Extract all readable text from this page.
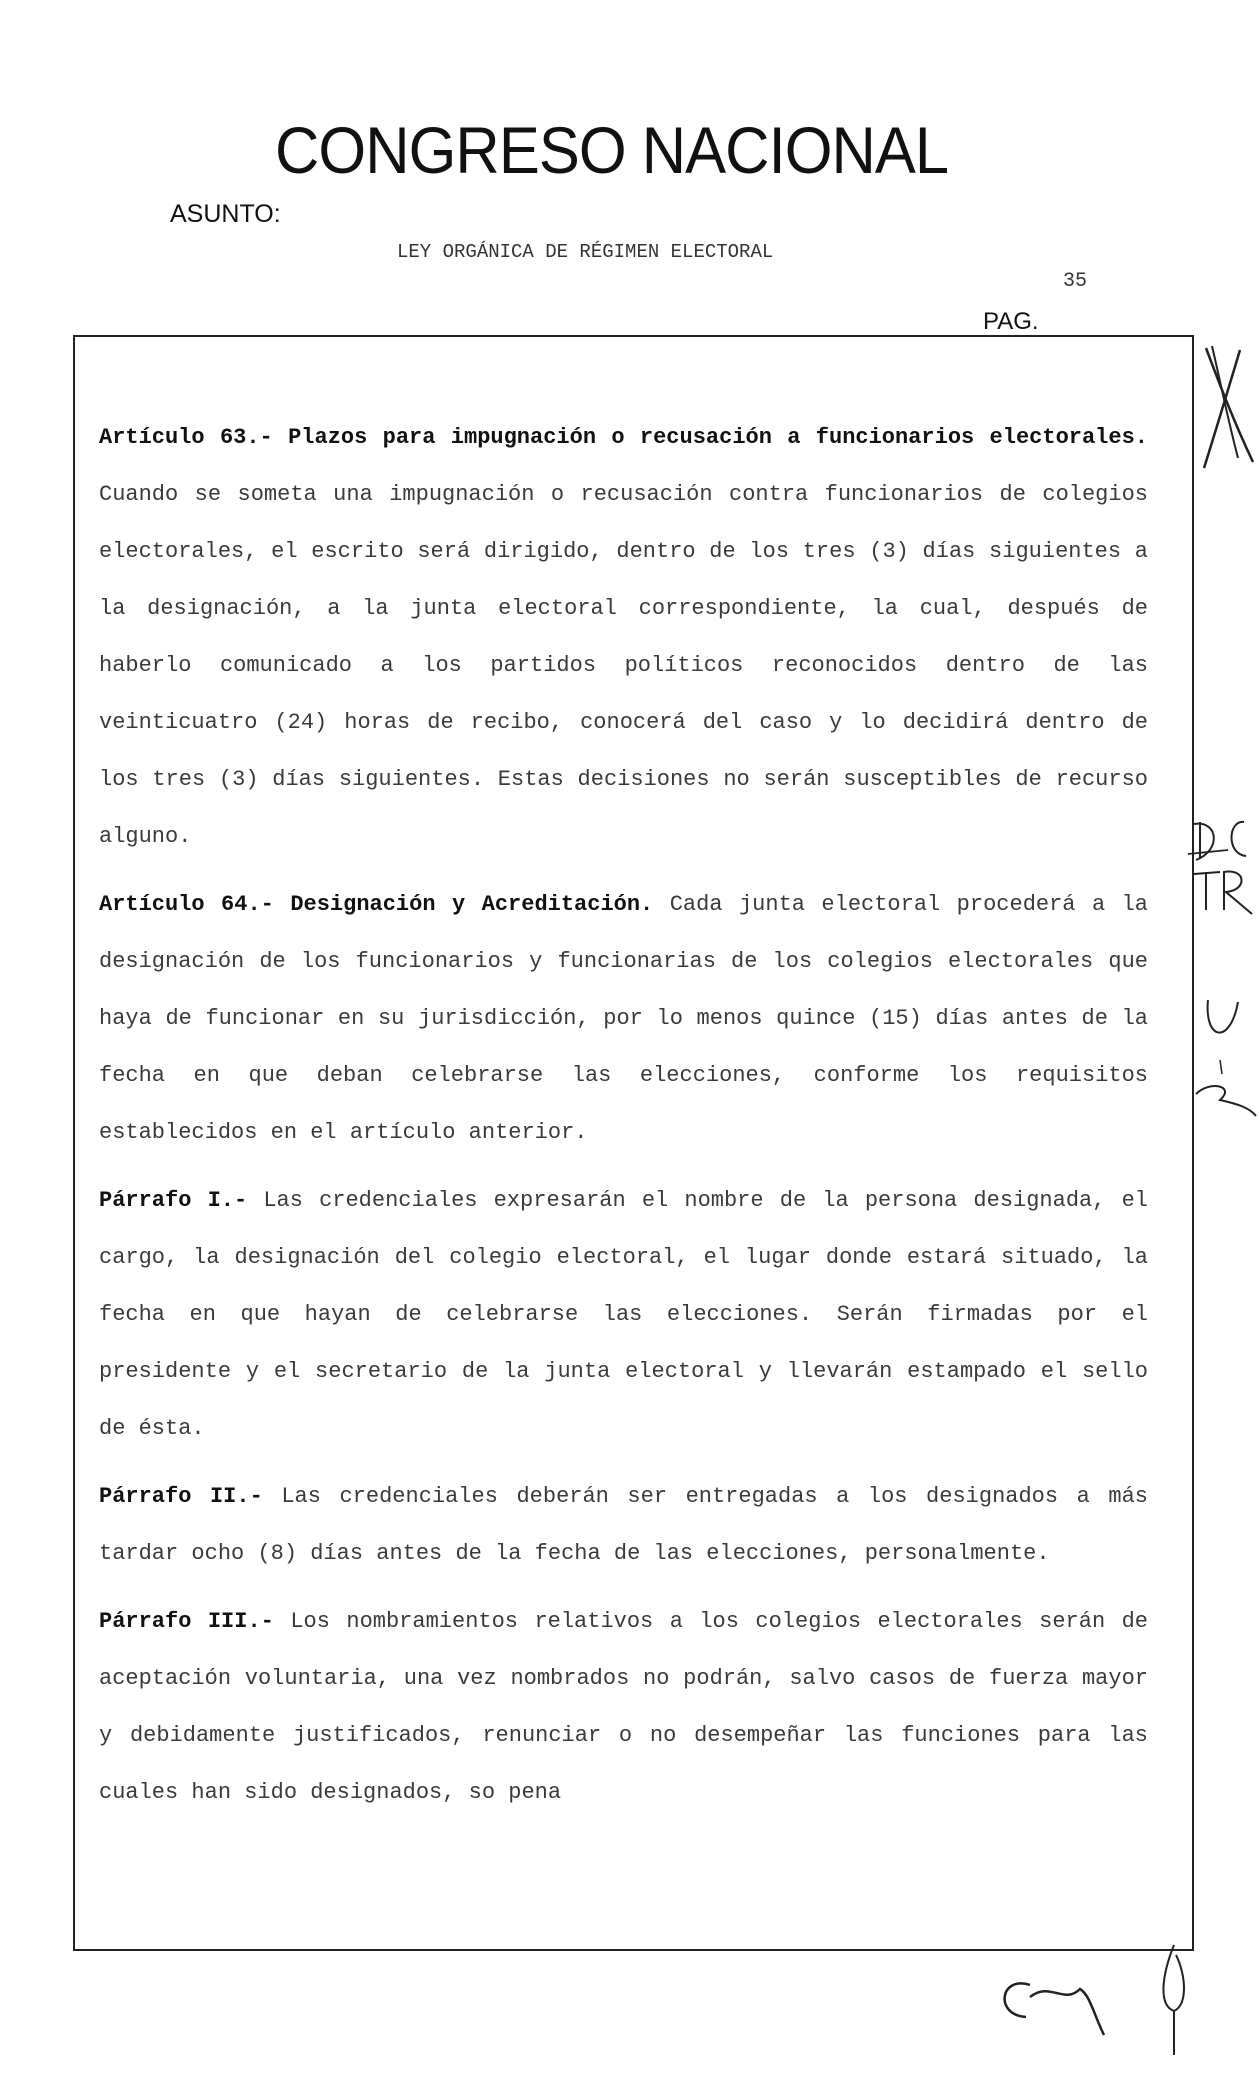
CONGRESO NACIONAL
ASUNTO:
LEY ORGÁNICA DE RÉGIMEN ELECTORAL
35
PAG.

Artículo 63.- Plazos para impugnación o recusación a funcionarios electorales. Cuando se someta una impugnación o recusación contra funcionarios de colegios electorales, el escrito será dirigido, dentro de los tres (3) días siguientes a la designación, a la junta electoral correspondiente, la cual, después de haberlo comunicado a los partidos políticos reconocidos dentro de las veinticuatro (24) horas de recibo, conocerá del caso y lo decidirá dentro de los tres (3) días siguientes. Estas decisiones no serán susceptibles de recurso alguno.

Artículo 64.- Designación y Acreditación. Cada junta electoral procederá a la designación de los funcionarios y funcionarias de los colegios electorales que haya de funcionar en su jurisdicción, por lo menos quince (15) días antes de la fecha en que deban celebrarse las elecciones, conforme los requisitos establecidos en el artículo anterior.

Párrafo I.- Las credenciales expresarán el nombre de la persona designada, el cargo, la designación del colegio electoral, el lugar donde estará situado, la fecha en que hayan de celebrarse las elecciones. Serán firmadas por el presidente y el secretario de la junta electoral y llevarán estampado el sello de ésta.

Párrafo II.- Las credenciales deberán ser entregadas a los designados a más tardar ocho (8) días antes de la fecha de las elecciones, personalmente.

Párrafo III.- Los nombramientos relativos a los colegios electorales serán de aceptación voluntaria, una vez nombrados no podrán, salvo casos de fuerza mayor y debidamente justificados, renunciar o no desempeñar las funciones para las cuales han sido designados, so pena
